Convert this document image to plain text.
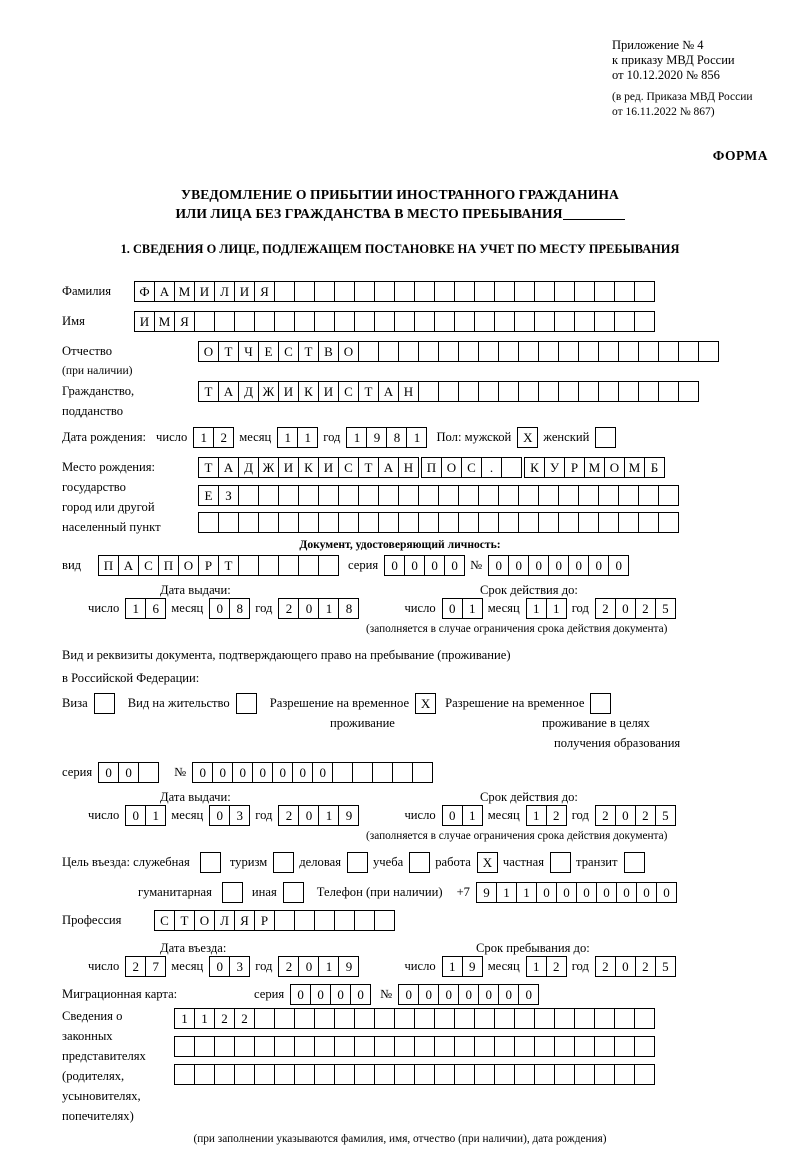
Приложение № 4
к приказу МВД России
от 10.12.2020 № 856
(в ред. Приказа МВД России
от 16.11.2022 № 867)
ФОРМА
УВЕДОМЛЕНИЕ О ПРИБЫТИИ ИНОСТРАННОГО ГРАЖДАНИНА
ИЛИ ЛИЦА БЕЗ ГРАЖДАНСТВА В МЕСТО ПРЕБЫВАНИЯ
1. СВЕДЕНИЯ О ЛИЦЕ, ПОДЛЕЖАЩЕМ ПОСТАНОВКЕ НА УЧЕТ ПО МЕСТУ ПРЕБЫВАНИЯ
Фамилия	Ф А М И Л И Я
Имя	И М Я
Отчество	О Т Ч Е С Т В О
(при наличии)
Гражданство,	Т А Д Ж И К И С Т А Н
подданство
Дата рождения: число	1	2 месяц	1	1 год	1	9	8	1	Пол: мужской X женский
Место рождения:	Т А Д Ж И К И С Т А Н	П О С	.	К У Р М О М Б
государство
Е З
город или другой
населенный пункт
Документ, удостоверяющий личность:
вид	П А С П О Р Т	серия	0	0	0	0 №	0	0	0	0	0	0	0
Дата выдачи:	Срок действия до:
число	1	6 месяц	0	8 год	2	0	1	8	число	0	1 месяц	1	1 год	2	0	2	5
(заполняется в случае ограничения срока действия документа)
Вид и реквизиты документа, подтверждающего право на пребывание (проживание)
в Российской Федерации:
Виза	Вид на жительство	Разрешение на временное X	Разрешение на временное
проживание	проживание в целях
получения образования
серия	0	0	№	0	0	0	0	0	0	0
Дата выдачи:	Срок действия до:
число	0	1 месяц	0	3 год	2	0	1	9	число	0	1 месяц	1	2 год	2	0	2	5
(заполняется в случае ограничения срока действия документа)
Цель въезда: служебная	туризм	деловая	учеба	работа X частная	транзит
гуманитарная	иная	Телефон (при наличии) +7	9	1	1	0	0	0	0	0	0	0
Профессия	С Т О Л Я Р
Дата въезда:	Срок пребывания до:
число	2	7 месяц	0	3 год	2	0	1	9	число	1	9 месяц	1	2 год	2	0	2	5
Миграционная карта:	серия	0	0	0	0	№	0	0	0	0	0	0	0
Сведения о
законных
представителях
(родителях,
усыновителях,
попечителях)
1	1	2	2
(при заполнении указываются фамилия, имя, отчество (при наличии), дата рождения)
